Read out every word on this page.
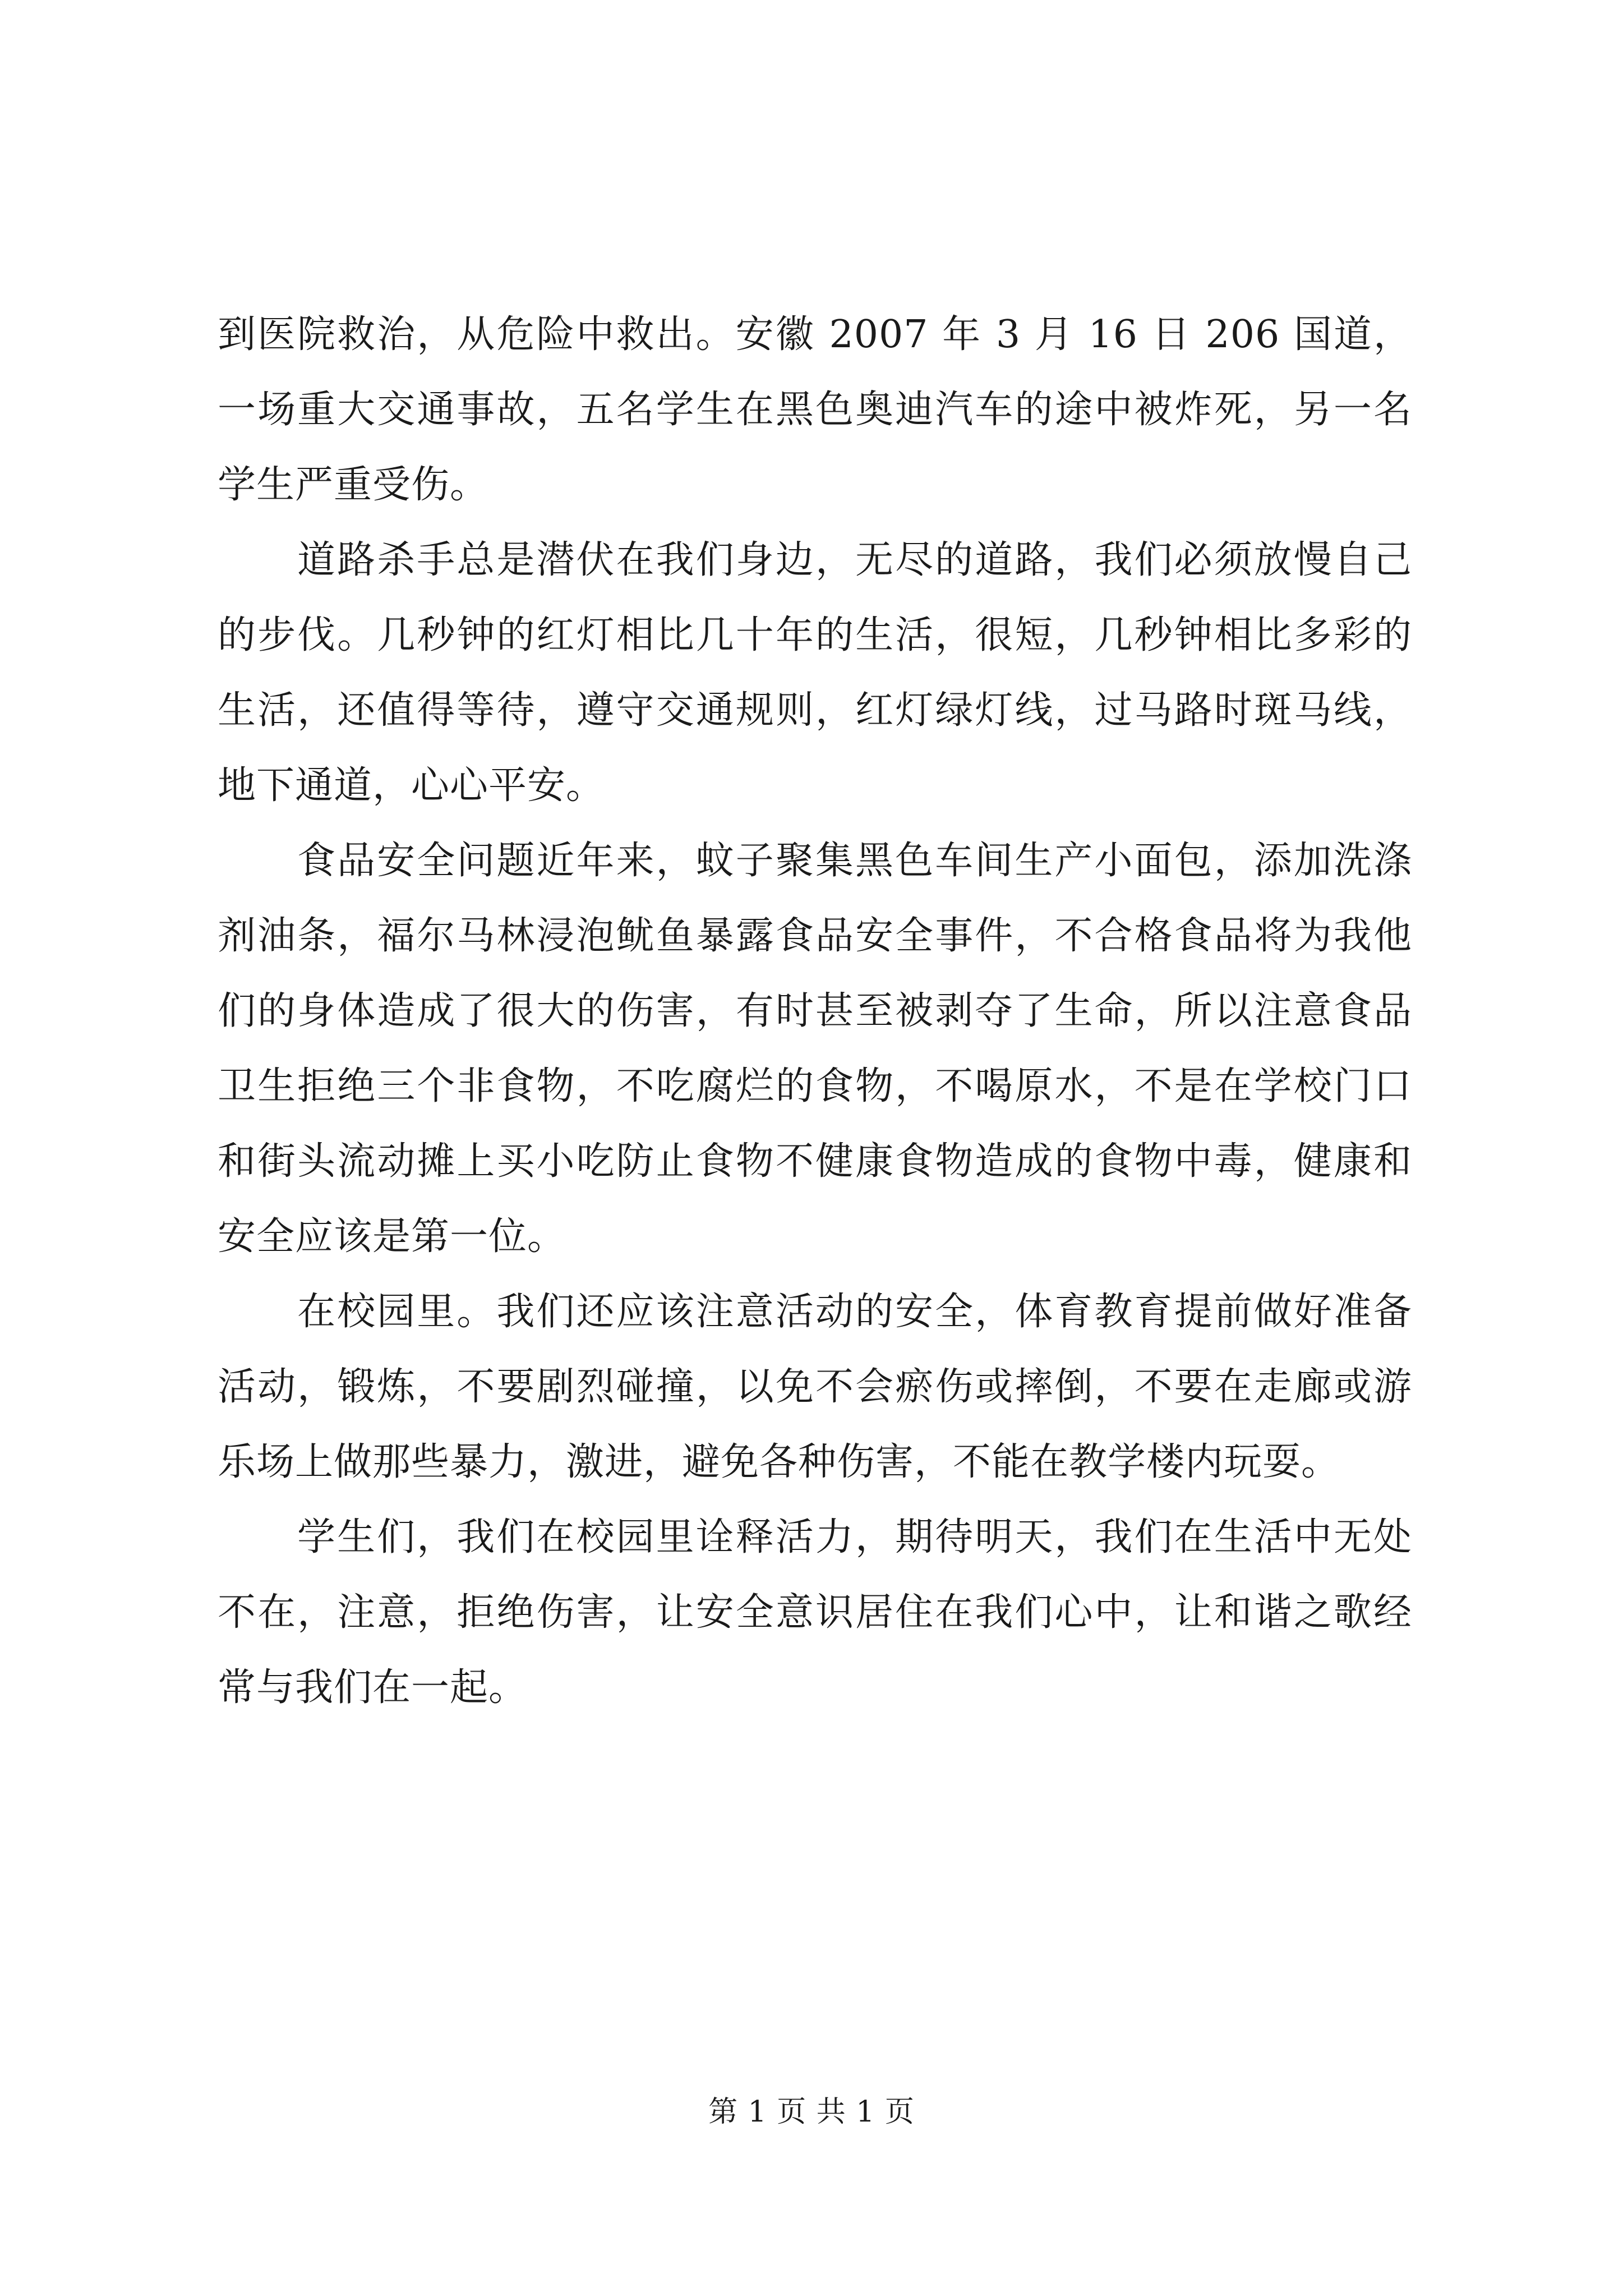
到医院救治，从危险中救出。安徽 2007 年 3 月 16 日 206 国道，一场重大交通事故，五名学生在黑色奥迪汽车的途中被炸死，另一名学生严重受伤。

道路杀手总是潜伏在我们身边，无尽的道路，我们必须放慢自己的步伐。几秒钟的红灯相比几十年的生活，很短，几秒钟相比多彩的生活，还值得等待，遵守交通规则，红灯绿灯线，过马路时斑马线，地下通道，心心平安。

食品安全问题近年来，蚊子聚集黑色车间生产小面包，添加洗涤剂油条，福尔马林浸泡鱿鱼暴露食品安全事件，不合格食品将为我他们的身体造成了很大的伤害，有时甚至被剥夺了生命，所以注意食品卫生拒绝三个非食物，不吃腐烂的食物，不喝原水，不是在学校门口和街头流动摊上买小吃防止食物不健康食物造成的食物中毒，健康和安全应该是第一位。

在校园里。我们还应该注意活动的安全，体育教育提前做好准备活动，锻炼，不要剧烈碰撞，以免不会瘀伤或摔倒，不要在走廊或游乐场上做那些暴力，激进，避免各种伤害，不能在教学楼内玩耍。

学生们，我们在校园里诠释活力，期待明天，我们在生活中无处不在，注意，拒绝伤害，让安全意识居住在我们心中，让和谐之歌经常与我们在一起。

第 1 页 共 1 页
